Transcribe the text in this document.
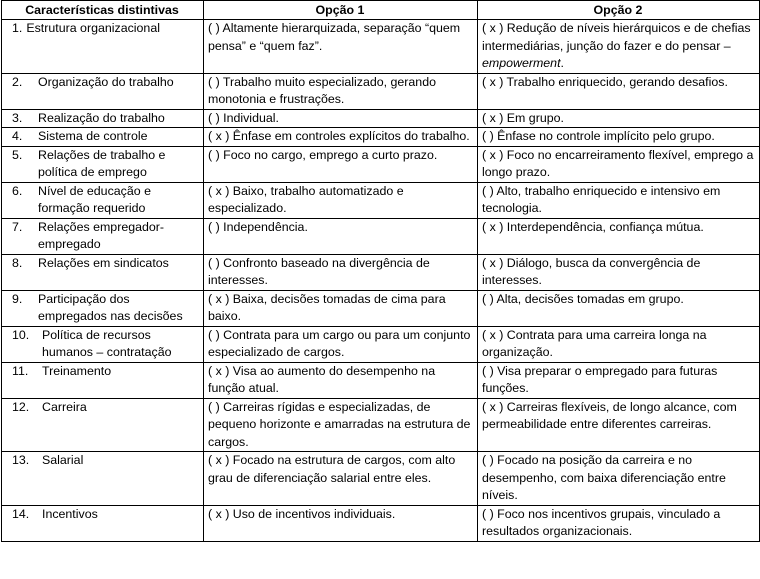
Características distintivas	Opção 1	Opção 2
1. Estrutura organizacional	( ) Altamente hierarquizada, separação “quem pensa” e “quem faz”.	( x ) Redução de níveis hierárquicos e de chefias intermediárias, junção do fazer e do pensar – empowerment.
2. Organização do trabalho	( ) Trabalho muito especializado, gerando monotonia e frustrações.	( x ) Trabalho enriquecido, gerando desafios.
3. Realização do trabalho	( ) Individual.	( x ) Em grupo.
4. Sistema de controle	( x ) Ênfase em controles explícitos do trabalho.	( ) Ênfase no controle implícito pelo grupo.
5. Relações de trabalho e política de emprego	( ) Foco no cargo, emprego a curto prazo.	( x ) Foco no encarreiramento flexível, emprego a longo prazo.
6. Nível de educação e formação requerido	( x ) Baixo, trabalho automatizado e especializado.	( ) Alto, trabalho enriquecido e intensivo em tecnologia.
7. Relações empregador-empregado	( ) Independência.	( x ) Interdependência, confiança mútua.
8. Relações em sindicatos	( ) Confronto baseado na divergência de interesses.	( x ) Diálogo, busca da convergência de interesses.
9. Participação dos empregados nas decisões	( x ) Baixa, decisões tomadas de cima para baixo.	( ) Alta, decisões tomadas em grupo.
10. Política de recursos humanos – contratação	( ) Contrata para um cargo ou para um conjunto especializado de cargos.	( x ) Contrata para uma carreira longa na organização.
11. Treinamento	( x ) Visa ao aumento do desempenho na função atual.	( ) Visa preparar o empregado para futuras funções.
12. Carreira	( ) Carreiras rígidas e especializadas, de pequeno horizonte e amarradas na estrutura de cargos.	( x ) Carreiras flexíveis, de longo alcance, com permeabilidade entre diferentes carreiras.
13. Salarial	( x ) Focado na estrutura de cargos, com alto grau de diferenciação salarial entre eles.	( ) Focado na posição da carreira e no desempenho, com baixa diferenciação entre níveis.
14. Incentivos	( x ) Uso de incentivos individuais.	( ) Foco nos incentivos grupais, vinculado a resultados organizacionais.
